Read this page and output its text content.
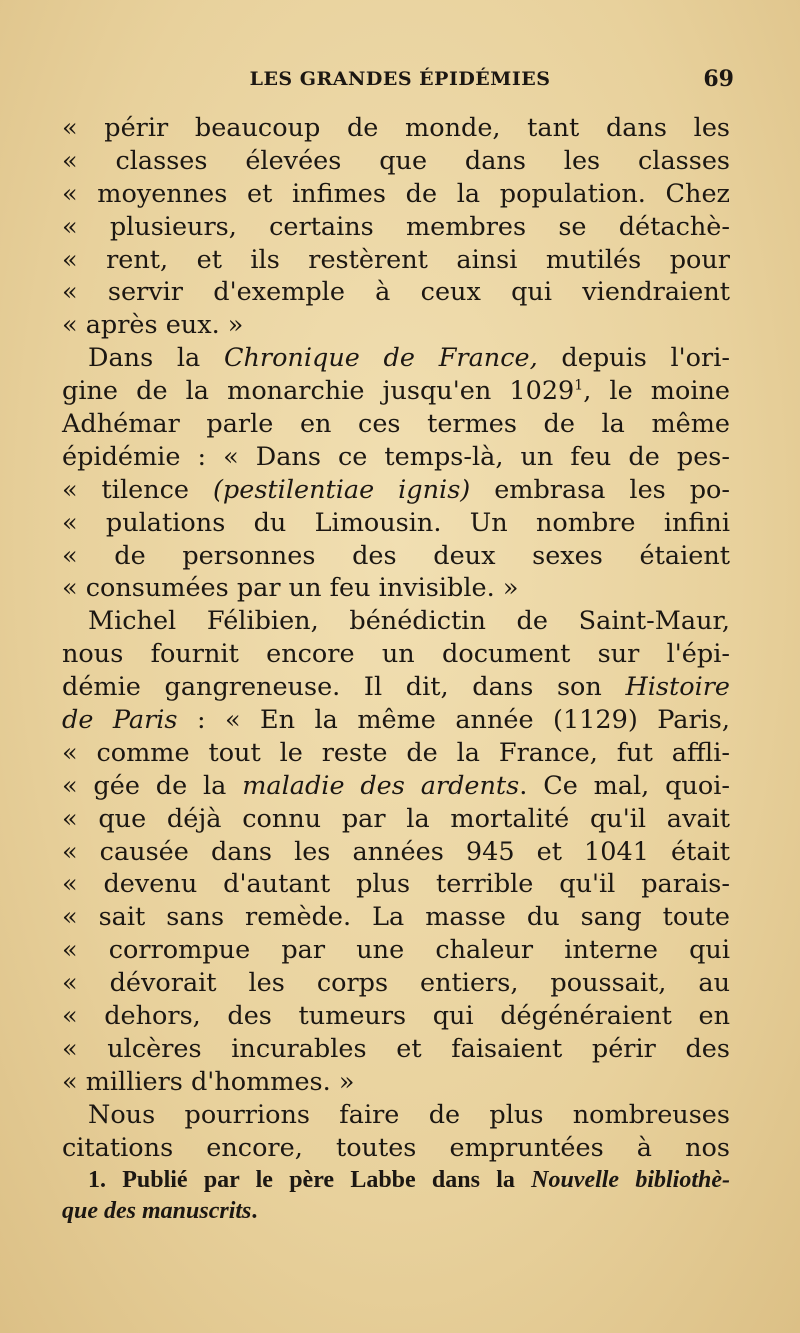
LES GRANDES ÉPIDÉMIES	69
« périr beaucoup de monde, tant dans les
« classes élevées que dans les classes
« moyennes et infimes de la population. Chez
« plusieurs, certains membres se détachè-
« rent, et ils restèrent ainsi mutilés pour
« servir d'exemple à ceux qui viendraient
« après eux. »
Dans la Chronique de France, depuis l'ori-
gine de la monarchie jusqu'en 1029$^1$, le moine
Adhémar parle en ces termes de la même
épidémie : « Dans ce temps-là, un feu de pes-
« tilence (pestilentiae ignis) embrasa les po-
« pulations du Limousin. Un nombre infini
« de personnes des deux sexes étaient
« consumées par un feu invisible. »
Michel Félibien, bénédictin de Saint-Maur,
nous fournit encore un document sur l'épi-
démie gangreneuse. Il dit, dans son Histoire
de Paris : « En la même année (1129) Paris,
« comme tout le reste de la France, fut affli-
« gée de la maladie des ardents. Ce mal, quoi-
« que déjà connu par la mortalité qu'il avait
« causée dans les années 945 et 1041 était
« devenu d'autant plus terrible qu'il parais-
« sait sans remède. La masse du sang toute
« corrompue par une chaleur interne qui
« dévorait les corps entiers, poussait, au
« dehors, des tumeurs qui dégénéraient en
« ulcères incurables et faisaient périr des
« milliers d'hommes. »
Nous pourrions faire de plus nombreuses
citations encore, toutes empruntées à nos
1. Publié par le père Labbe dans la Nouvelle bibliothè-
que des manuscrits.
